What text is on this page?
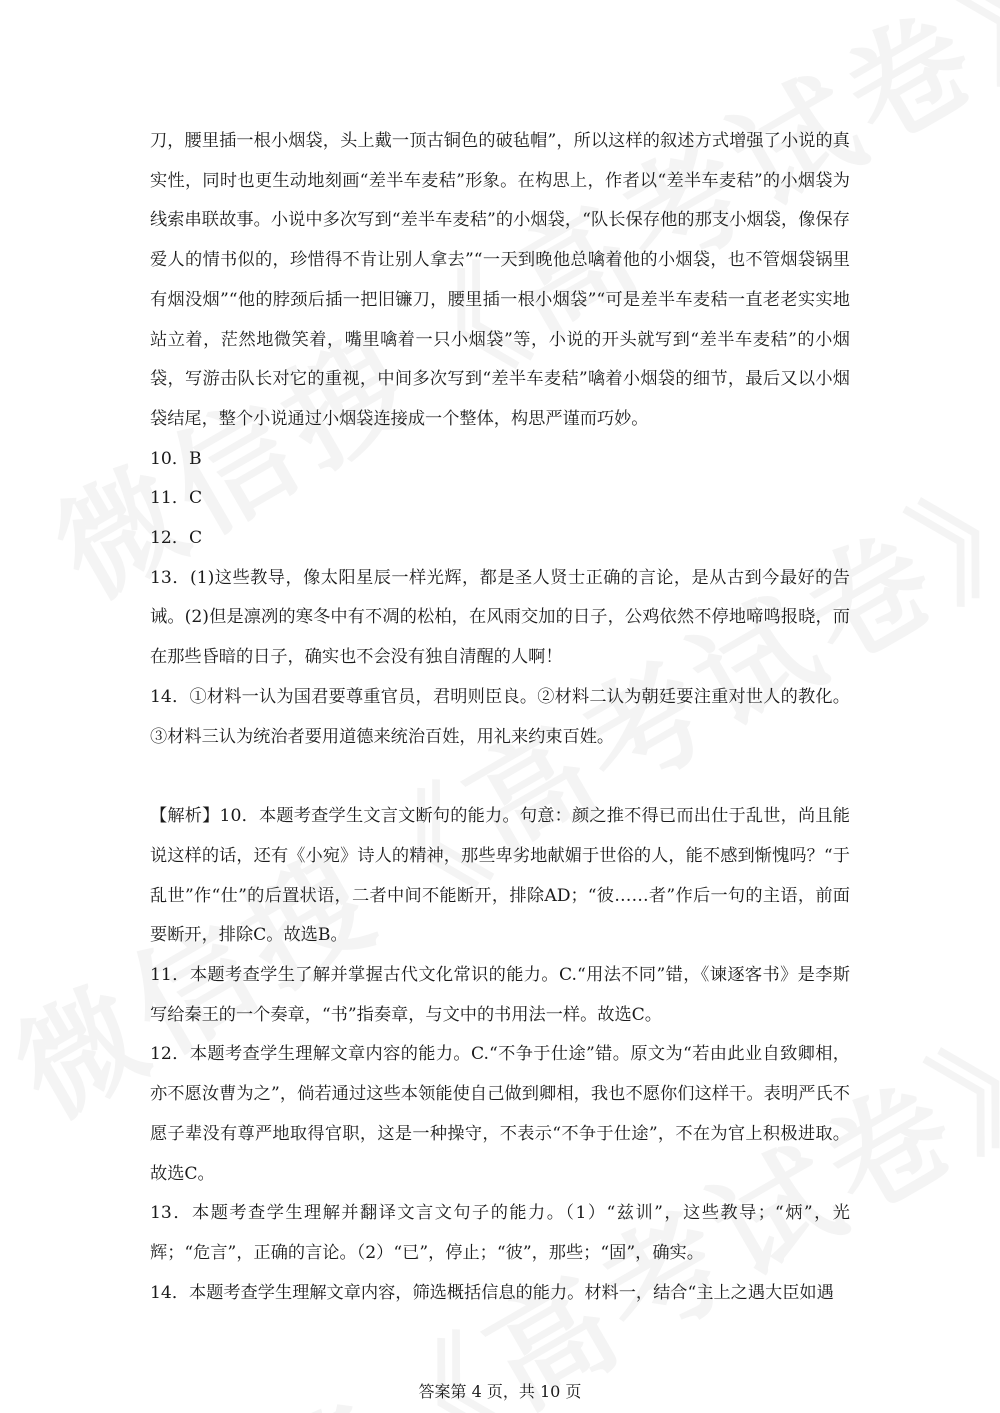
刀，腰里插一根小烟袋，头上戴一顶古铜色的破毡帽”，所以这样的叙述方式增强了小说的真实性，同时也更生动地刻画“差半车麦秸”形象。在构思上，作者以“差半车麦秸”的小烟袋为线索串联故事。小说中多次写到“差半车麦秸”的小烟袋，“队长保存他的那支小烟袋，像保存爱人的情书似的，珍惜得不肯让别人拿去”“一天到晚他总噙着他的小烟袋，也不管烟袋锅里有烟没烟”“他的脖颈后插一把旧镰刀，腰里插一根小烟袋”“可是差半车麦秸一直老老实实地站立着，茫然地微笑着，嘴里噙着一只小烟袋”等，小说的开头就写到“差半车麦秸”的小烟袋，写游击队长对它的重视，中间多次写到“差半车麦秸”噙着小烟袋的细节，最后又以小烟袋结尾，整个小说通过小烟袋连接成一个整体，构思严谨而巧妙。

10．B

11．C

12．C

13．(1)这些教导，像太阳星辰一样光辉，都是圣人贤士正确的言论，是从古到今最好的告诫。(2)但是凛冽的寒冬中有不凋的松柏，在风雨交加的日子，公鸡依然不停地啼鸣报晓，而在那些昏暗的日子，确实也不会没有独自清醒的人啊！

14．①材料一认为国君要尊重官员，君明则臣良。②材料二认为朝廷要注重对世人的教化。③材料三认为统治者要用道德来统治百姓，用礼来约束百姓。

【解析】10．本题考查学生文言文断句的能力。句意：颜之推不得已而出仕于乱世，尚且能说这样的话，还有《小宛》诗人的精神，那些卑劣地献媚于世俗的人，能不感到惭愧吗？“于乱世”作“仕”的后置状语，二者中间不能断开，排除AD；“彼……者”作后一句的主语，前面要断开，排除C。故选B。

11．本题考查学生了解并掌握古代文化常识的能力。C.“用法不同”错，《谏逐客书》是李斯写给秦王的一个奏章，“书”指奏章，与文中的书用法一样。故选C。

12．本题考查学生理解文章内容的能力。C.“不争于仕途”错。原文为“若由此业自致卿相，亦不愿汝曹为之”，倘若通过这些本领能使自己做到卿相，我也不愿你们这样干。表明严氏不愿子辈没有尊严地取得官职，这是一种操守，不表示“不争于仕途”，不在为官上积极进取。故选C。

13．本题考查学生理解并翻译文言文句子的能力。（1）“兹训”，这些教导；“炳”，光辉；“危言”，正确的言论。（2）“已”，停止；“彼”，那些；“固”，确实。

14．本题考查学生理解文章内容，筛选概括信息的能力。材料一，结合“主上之遇大臣如遇

答案第 4 页，共 10 页
